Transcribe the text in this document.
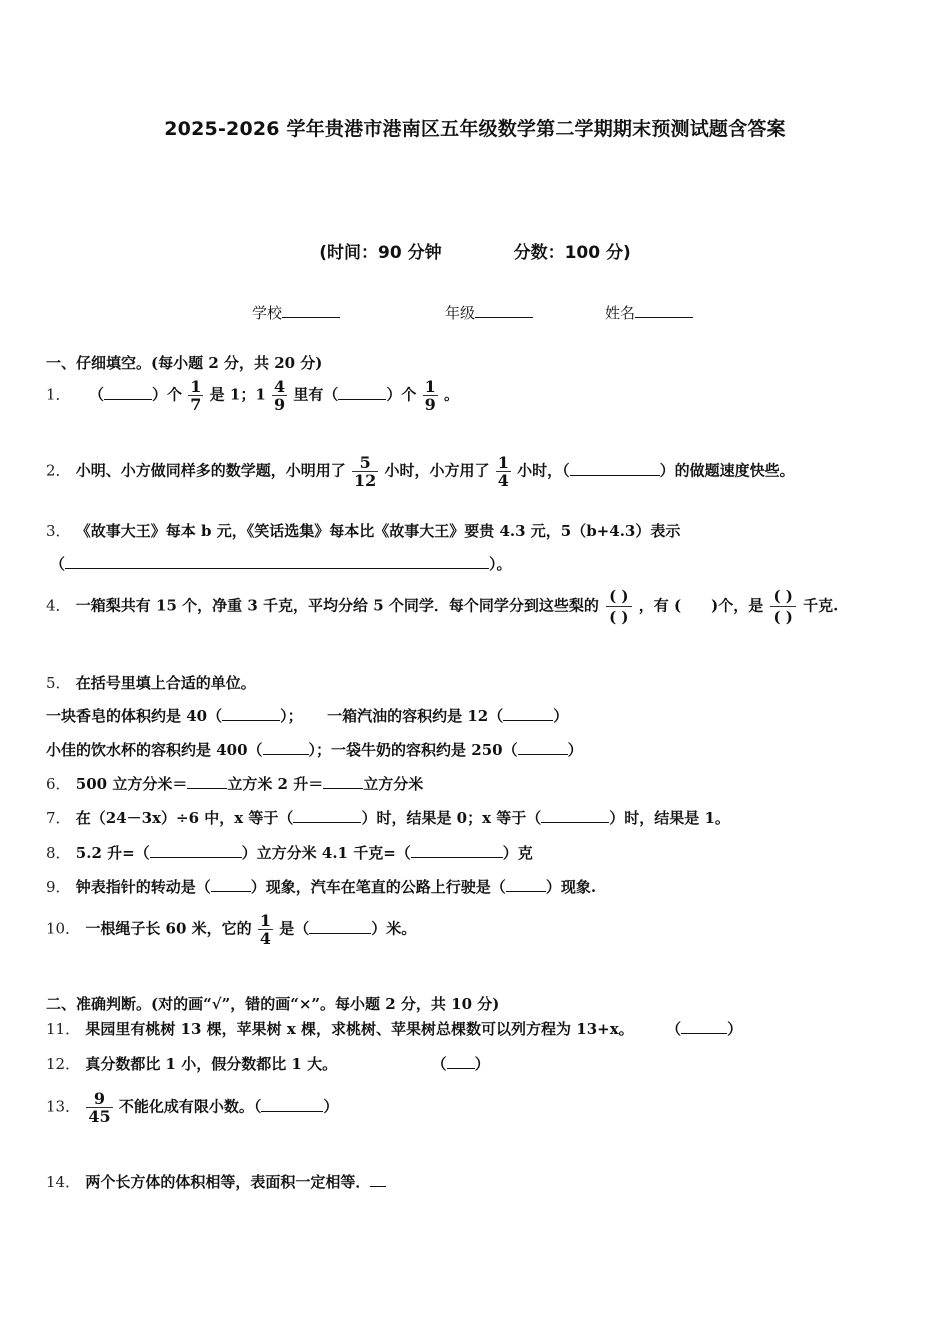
2025-2026 学年贵港市港南区五年级数学第二学期期末预测试题含答案
(时间：90 分钟	分数：100 分)
学校	年级	姓名
一、仔细填空。(每小题 2 分，共 20 分)
1． （	）个 $\frac{1}{7}$ 是 1；$1 \frac{4}{9}$ 里有（	）个 $\frac{1}{9}$ 。
2． 小明、小方做同样多的数学题，小明用了 $\frac{5}{12}$ 小时，小方用了 $\frac{1}{4}$ 小时，（	）的做题速度快些。
3． 《故事大王》每本 b 元，《笑话选集》每本比《故事大王》要贵 4.3 元，5（b+4.3）表示
（	）。
4． 一箱梨共有 15 个，净重 3 千克，平均分给 5 个同学．每个同学分到这些梨的
( )
( )
，有 ( )个，是
( )
( )
千克.
5． 在括号里填上合适的单位。
一块香皂的体积约是 40（	）； 一箱汽油的容积约是 12（	）
小佳的饮水杯的容积约是 400（	）；一袋牛奶的容积约是 250（	）
6． 500 立方分米＝	立方米 2 升＝	立方分米
7． 在（24－3x）÷6 中，x 等于（	）时，结果是 0；x 等于（	）时，结果是 1。
8． 5.2 升=（	）立方分米 4.1 千克=（	）克
9． 钟表指针的转动是（	）现象，汽车在笔直的公路上行驶是（	）现象.
10． 一根绳子长 60 米，它的 $\frac{1}{4}$ 是（	）米。
二、准确判断。(对的画“√”，错的画“×”。每小题 2 分，共 10 分)
11． 果园里有桃树 13 棵，苹果树 x 棵，求桃树、苹果树总棵数可以列方程为 13+x。 （	）
12． 真分数都比 1 小，假分数都比 1 大。	（ ）
13． $\frac{9}{45}$ 不能化成有限小数。（	）
14． 两个长方体的体积相等，表面积一定相等．
